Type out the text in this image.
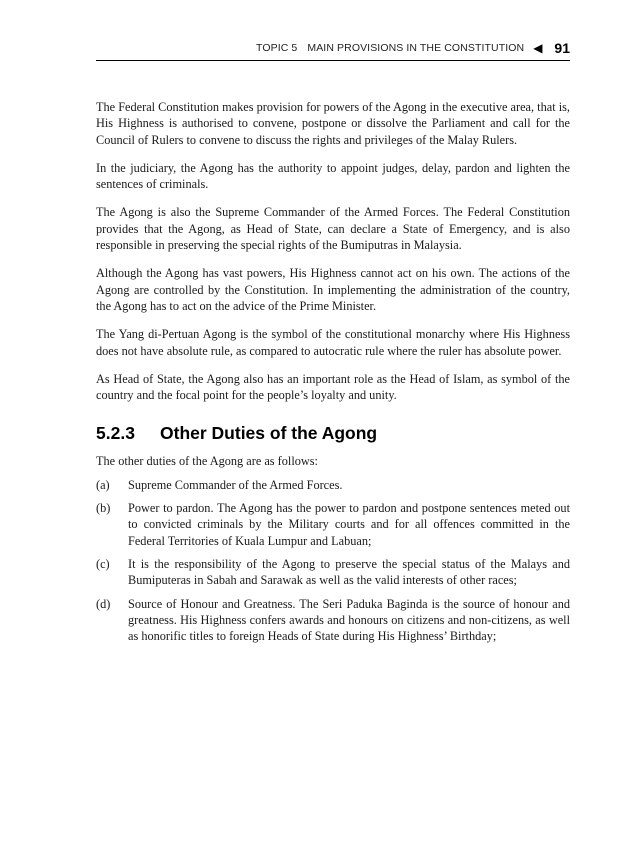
TOPIC 5 MAIN PROVISIONS IN THE CONSTITUTION ◀ 91

The Federal Constitution makes provision for powers of the Agong in the executive area, that is, His Highness is authorised to convene, postpone or dissolve the Parliament and call for the Council of Rulers to convene to discuss the rights and privileges of the Malay Rulers.

In the judiciary, the Agong has the authority to appoint judges, delay, pardon and lighten the sentences of criminals.

The Agong is also the Supreme Commander of the Armed Forces. The Federal Constitution provides that the Agong, as Head of State, can declare a State of Emergency, and is also responsible in preserving the special rights of the Bumiputras in Malaysia.

Although the Agong has vast powers, His Highness cannot act on his own. The actions of the Agong are controlled by the Constitution. In implementing the administration of the country, the Agong has to act on the advice of the Prime Minister.

The Yang di-Pertuan Agong is the symbol of the constitutional monarchy where His Highness does not have absolute rule, as compared to autocratic rule where the ruler has absolute power.

As Head of State, the Agong also has an important role as the Head of Islam, as symbol of the country and the focal point for the people’s loyalty and unity.

5.2.3	Other Duties of the Agong

The other duties of the Agong are as follows:

(a)	Supreme Commander of the Armed Forces.
(b)	Power to pardon. The Agong has the power to pardon and postpone sentences meted out to convicted criminals by the Military courts and for all offences committed in the Federal Territories of Kuala Lumpur and Labuan;
(c)	It is the responsibility of the Agong to preserve the special status of the Malays and Bumiputeras in Sabah and Sarawak as well as the valid interests of other races;
(d)	Source of Honour and Greatness. The Seri Paduka Baginda is the source of honour and greatness. His Highness confers awards and honours on citizens and non-citizens, as well as honorific titles to foreign Heads of State during His Highness’ Birthday;
